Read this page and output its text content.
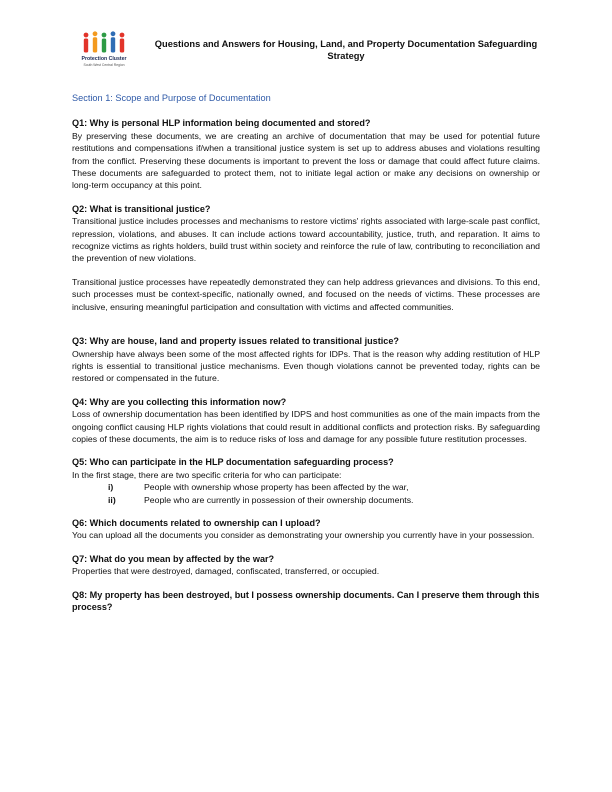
Protection Cluster
South West Central Region
Questions and Answers for Housing, Land, and Property Documentation Safeguarding
Strategy

Section 1: Scope and Purpose of Documentation

Q1: Why is personal HLP information being documented and stored?

By preserving these documents, we are creating an archive of documentation that may be used for potential future restitutions and compensations if/when a transitional justice system is set up to address abuses and violations resulting from the conflict. Preserving these documents is important to prevent the loss or damage that could affect future claims. These documents are safeguarded to protect them, not to initiate legal action or make any decisions on ownership or long-term occupancy at this point.

Q2: What is transitional justice?

Transitional justice includes processes and mechanisms to restore victims' rights associated with large-scale past conflict, repression, violations, and abuses. It can include actions toward accountability, justice, truth, and reparation. It aims to recognize victims as rights holders, build trust within society and reinforce the rule of law, contributing to reconciliation and the prevention of new violations.

Transitional justice processes have repeatedly demonstrated they can help address grievances and divisions. To this end, such processes must be context-specific, nationally owned, and focused on the needs of victims. These processes are inclusive, ensuring meaningful participation and consultation with victims and affected communities.

Q3: Why are house, land and property issues related to transitional justice?

Ownership have always been some of the most affected rights for IDPs. That is the reason why adding restitution of HLP rights is essential to transitional justice mechanisms. Even though violations cannot be prevented today, rights can be restored or compensated in the future.

Q4: Why are you collecting this information now?

Loss of ownership documentation has been identified by IDPS and host communities as one of the main impacts from the ongoing conflict causing HLP rights violations that could result in additional conflicts and protection risks. By safeguarding copies of these documents, the aim is to reduce risks of loss and damage for any possible future restitution processes.

Q5: Who can participate in the HLP documentation safeguarding process?

In the first stage, there are two specific criteria for who can participate:

i)	People with ownership whose property has been affected by the war,
ii)	People who are currently in possession of their ownership documents.

Q6: Which documents related to ownership can I upload?

You can upload all the documents you consider as demonstrating your ownership you currently have in your possession.

Q7: What do you mean by affected by the war?

Properties that were destroyed, damaged, confiscated, transferred, or occupied.

Q8: My property has been destroyed, but I possess ownership documents. Can I preserve them through this process?
